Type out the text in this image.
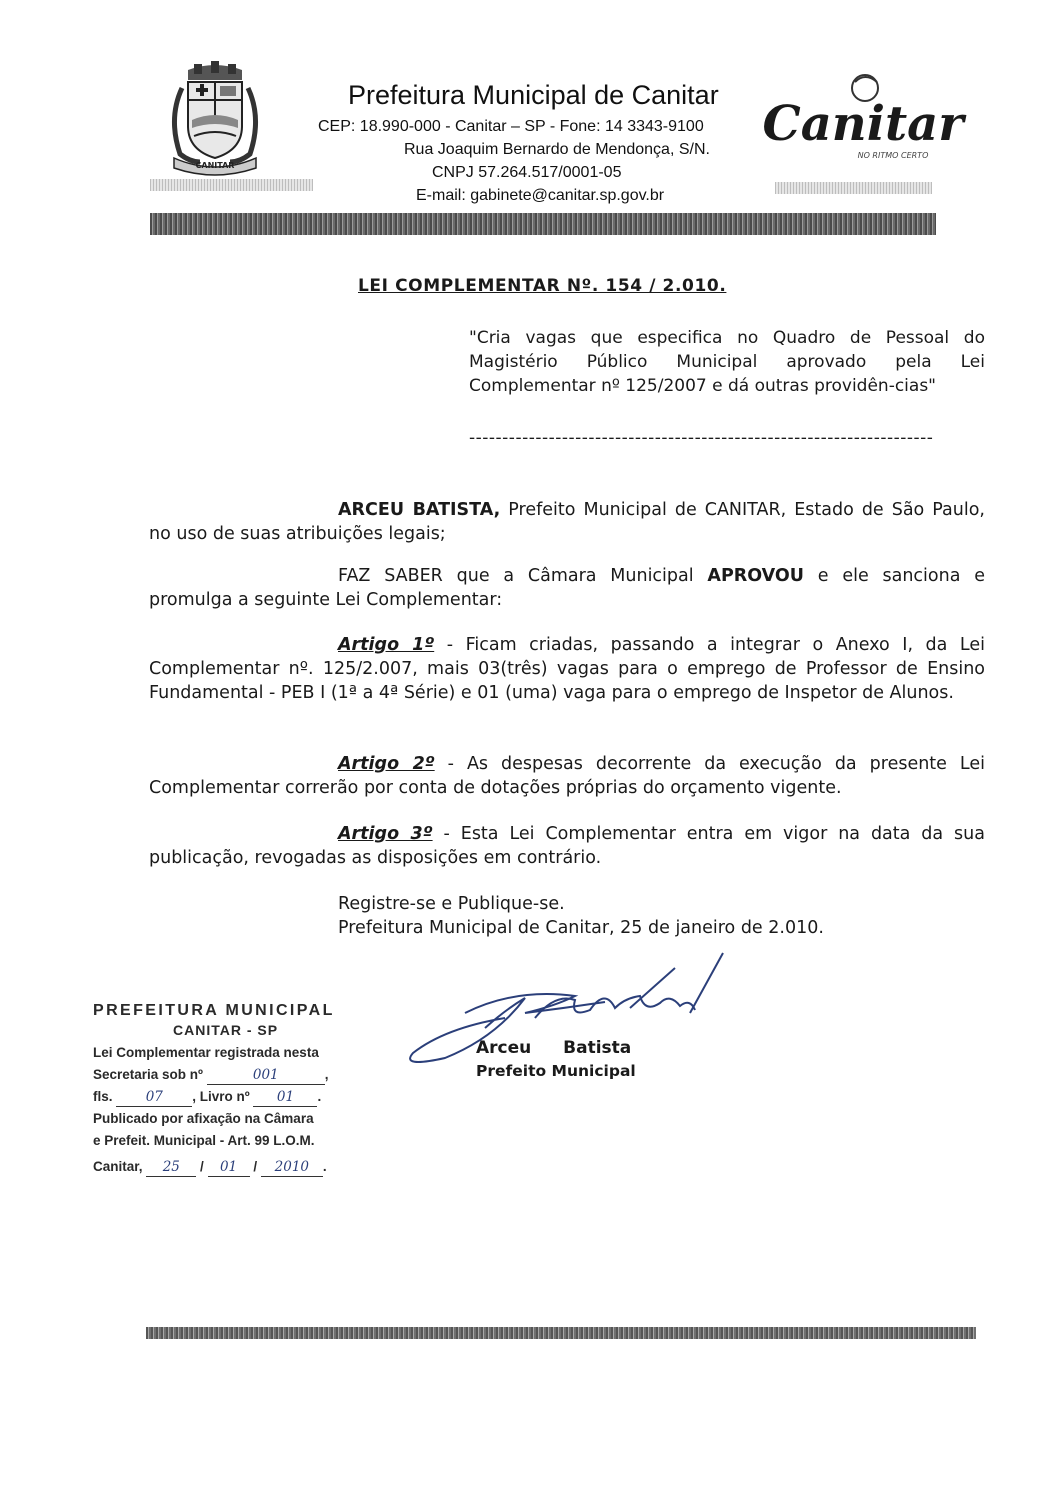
CANITAR
Prefeitura Municipal de Canitar
CEP: 18.990-000 - Canitar – SP - Fone: 14 3343-9100
Rua Joaquim Bernardo de Mendonça, S/N.
CNPJ 57.264.517/0001-05
E-mail: gabinete@canitar.sp.gov.br
Canitar
NO RITMO CERTO
LEI COMPLEMENTAR Nº. 154 / 2.010.
"Cria vagas que especifica no Quadro de Pessoal do Magistério Público Municipal aprovado pela Lei Complementar nº 125/2007 e dá outras providên-cias"
----------------------------------------------------------------------
ARCEU BATISTA, Prefeito Municipal de CANITAR, Estado de São Paulo, no uso de suas atribuições legais;
FAZ SABER que a Câmara Municipal APROVOU e ele sanciona e promulga a seguinte Lei Complementar:
Artigo 1º - Ficam criadas, passando a integrar o Anexo I, da Lei Complementar nº. 125/2.007, mais 03(três) vagas para o emprego de Professor de Ensino Fundamental - PEB I (1ª a 4ª Série) e 01 (uma) vaga para o emprego de Inspetor de Alunos.
Artigo 2º - As despesas decorrente da execução da presente Lei Complementar correrão por conta de dotações próprias do orçamento vigente.
Artigo 3º - Esta Lei Complementar entra em vigor na data da sua publicação, revogadas as disposições em contrário.
Registre-se e Publique-se.
Prefeitura Municipal de Canitar, 25 de janeiro de 2.010.
Arceu Batista
Prefeito Municipal
PREFEITURA MUNICIPAL
CANITAR - SP
Lei Complementar registrada nesta
Secretaria sob nº	001	,
fls. 07 , Livro nº 01 .
Publicado por afixação na Câmara
e Prefeit. Municipal - Art. 99 L.O.M.
Canitar, 25 / 01 / 2010 .
